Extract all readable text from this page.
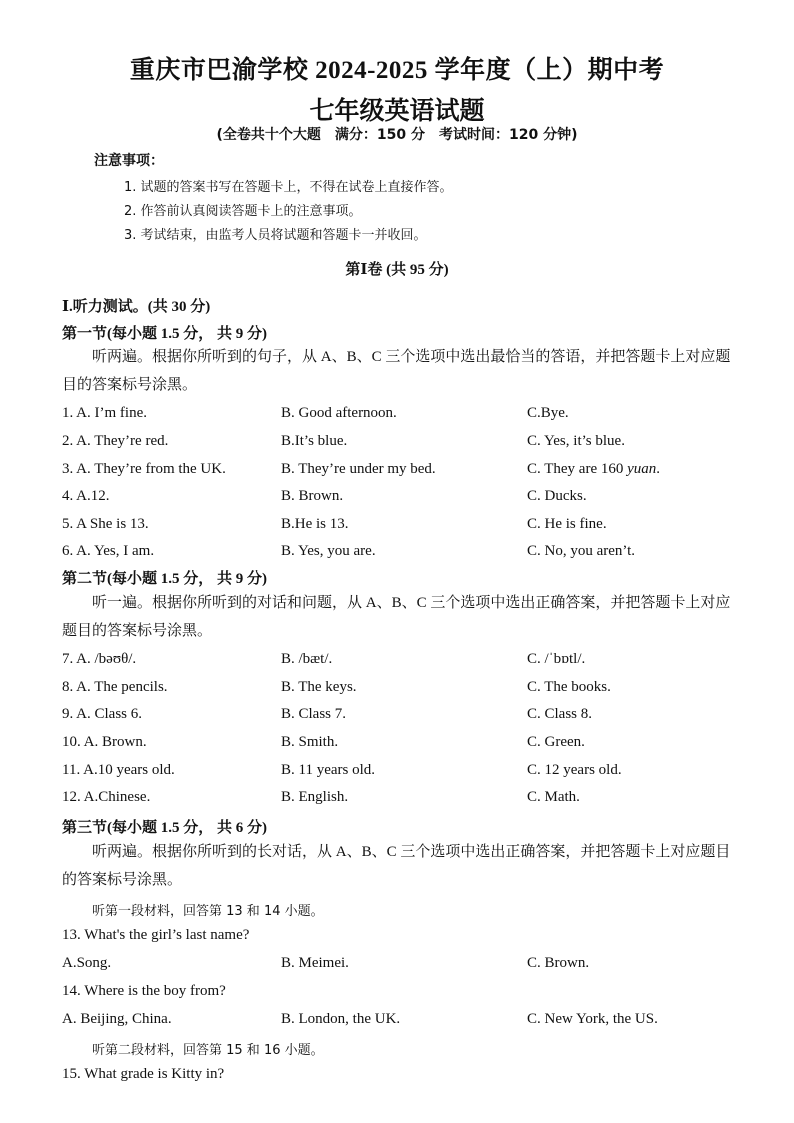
重庆市巴渝学校 2024-2025 学年度（上）期中考
七年级英语试题
(全卷共十个大题　满分：150 分　考试时间：120 分钟)
注意事项：
1. 试题的答案书写在答题卡上，不得在试卷上直接作答。
2. 作答前认真阅读答题卡上的注意事项。
3. 考试结束，由监考人员将试题和答题卡一并收回。
第Ⅰ卷 (共 95 分)
Ⅰ.听力测试。(共 30 分)
第一节(每小题 1.5 分， 共 9 分)
听两遍。根据你所听到的句子，从 A、B、C 三个选项中选出最恰当的答语，并把答题卡上对应题目的答案标号涂黑。
1. A. I’m fine.	B. Good afternoon.	C.Bye.
2. A. They’re red.	B.It’s blue.	C. Yes, it’s blue.
3. A. They’re from the UK.	B. They’re under my bed.	C. They are 160 yuan.
4. A.12.	B. Brown.	C. Ducks.
5. A She is 13.	B.He is 13.	C. He is fine.
6. A. Yes, I am.	B. Yes, you are.	C. No, you aren’t.
第二节(每小题 1.5 分， 共 9 分)
听一遍。根据你所听到的对话和问题，从 A、B、C 三个选项中选出正确答案，并把答题卡上对应题目的答案标号涂黑。
7. A. /bəʊθ/.	B. /bæt/.	C. /ˈbɒtl/.
8. A. The pencils.	B. The keys.	C. The books.
9. A. Class 6.	B. Class 7.	C. Class 8.
10. A. Brown.	B. Smith.	C. Green.
11. A.10 years old.	B. 11 years old.	C. 12 years old.
12. A.Chinese.	B. English.	C. Math.
第三节(每小题 1.5 分， 共 6 分)
听两遍。根据你所听到的长对话，从 A、B、C 三个选项中选出正确答案，并把答题卡上对应题目的答案标号涂黑。
听第一段材料，回答第 13 和 14 小题。
13. What's the girl’s last name?
A.Song.	B. Meimei.	C. Brown.
14. Where is the boy from?
A. Beijing, China.	B. London, the UK.	C. New York, the US.
听第二段材料，回答第 15 和 16 小题。
15. What grade is Kitty in?
